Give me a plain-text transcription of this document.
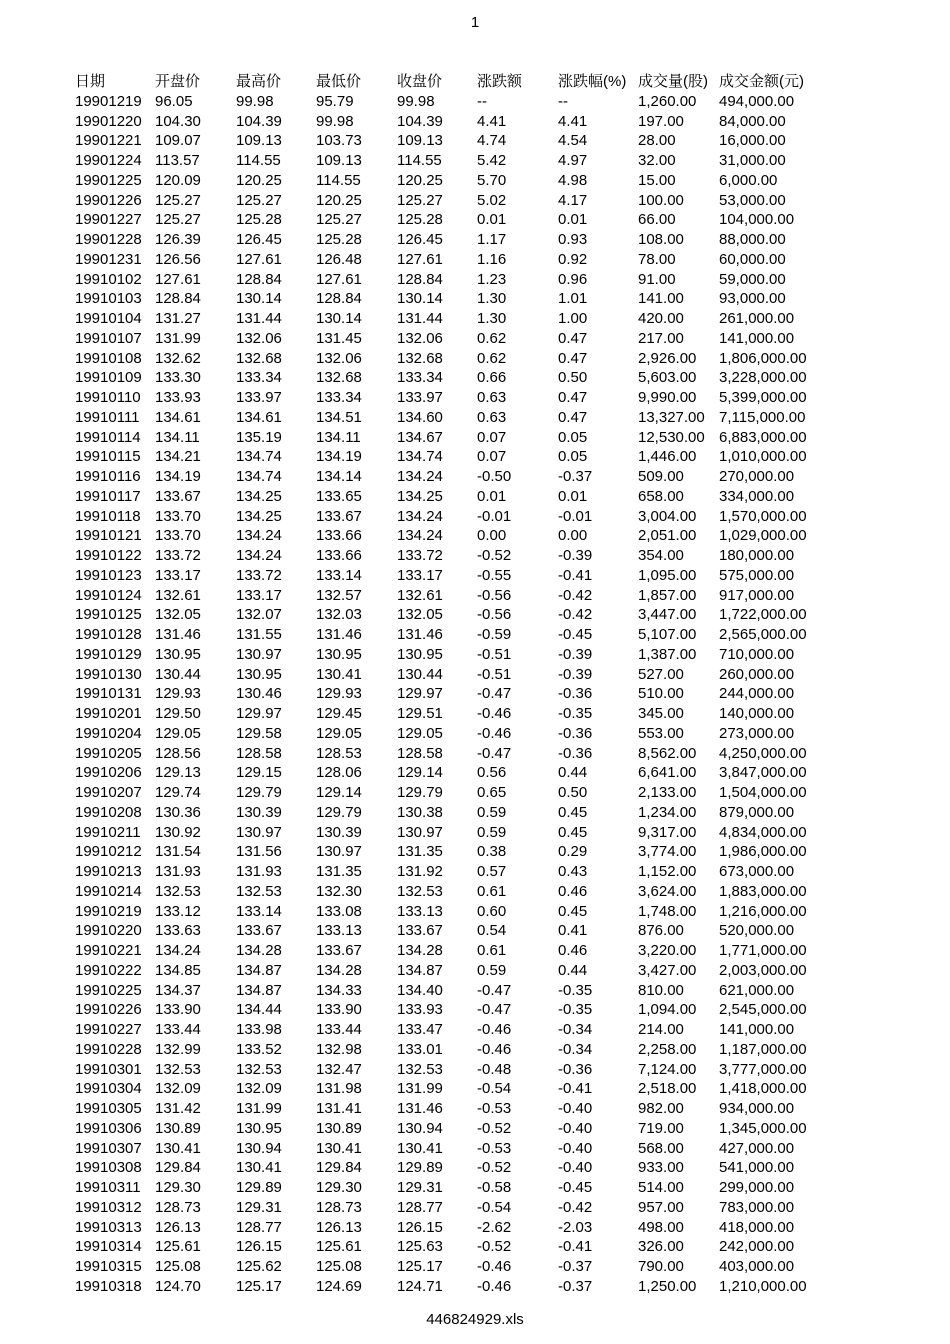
1
日期	开盘价	最高价	最低价	收盘价	涨跌额	涨跌幅(%)	成交量(股)	成交金额(元)
19901219	96.05	99.98	95.79	99.98	--	--	1,260.00	494,000.00
19901220	104.30	104.39	99.98	104.39	4.41	4.41	197.00	84,000.00
19901221	109.07	109.13	103.73	109.13	4.74	4.54	28.00	16,000.00
19901224	113.57	114.55	109.13	114.55	5.42	4.97	32.00	31,000.00
19901225	120.09	120.25	114.55	120.25	5.70	4.98	15.00	6,000.00
19901226	125.27	125.27	120.25	125.27	5.02	4.17	100.00	53,000.00
19901227	125.27	125.28	125.27	125.28	0.01	0.01	66.00	104,000.00
19901228	126.39	126.45	125.28	126.45	1.17	0.93	108.00	88,000.00
19901231	126.56	127.61	126.48	127.61	1.16	0.92	78.00	60,000.00
19910102	127.61	128.84	127.61	128.84	1.23	0.96	91.00	59,000.00
19910103	128.84	130.14	128.84	130.14	1.30	1.01	141.00	93,000.00
19910104	131.27	131.44	130.14	131.44	1.30	1.00	420.00	261,000.00
19910107	131.99	132.06	131.45	132.06	0.62	0.47	217.00	141,000.00
19910108	132.62	132.68	132.06	132.68	0.62	0.47	2,926.00	1,806,000.00
19910109	133.30	133.34	132.68	133.34	0.66	0.50	5,603.00	3,228,000.00
19910110	133.93	133.97	133.34	133.97	0.63	0.47	9,990.00	5,399,000.00
19910111	134.61	134.61	134.51	134.60	0.63	0.47	13,327.00	7,115,000.00
19910114	134.11	135.19	134.11	134.67	0.07	0.05	12,530.00	6,883,000.00
19910115	134.21	134.74	134.19	134.74	0.07	0.05	1,446.00	1,010,000.00
19910116	134.19	134.74	134.14	134.24	-0.50	-0.37	509.00	270,000.00
19910117	133.67	134.25	133.65	134.25	0.01	0.01	658.00	334,000.00
19910118	133.70	134.25	133.67	134.24	-0.01	-0.01	3,004.00	1,570,000.00
19910121	133.70	134.24	133.66	134.24	0.00	0.00	2,051.00	1,029,000.00
19910122	133.72	134.24	133.66	133.72	-0.52	-0.39	354.00	180,000.00
19910123	133.17	133.72	133.14	133.17	-0.55	-0.41	1,095.00	575,000.00
19910124	132.61	133.17	132.57	132.61	-0.56	-0.42	1,857.00	917,000.00
19910125	132.05	132.07	132.03	132.05	-0.56	-0.42	3,447.00	1,722,000.00
19910128	131.46	131.55	131.46	131.46	-0.59	-0.45	5,107.00	2,565,000.00
19910129	130.95	130.97	130.95	130.95	-0.51	-0.39	1,387.00	710,000.00
19910130	130.44	130.95	130.41	130.44	-0.51	-0.39	527.00	260,000.00
19910131	129.93	130.46	129.93	129.97	-0.47	-0.36	510.00	244,000.00
19910201	129.50	129.97	129.45	129.51	-0.46	-0.35	345.00	140,000.00
19910204	129.05	129.58	129.05	129.05	-0.46	-0.36	553.00	273,000.00
19910205	128.56	128.58	128.53	128.58	-0.47	-0.36	8,562.00	4,250,000.00
19910206	129.13	129.15	128.06	129.14	0.56	0.44	6,641.00	3,847,000.00
19910207	129.74	129.79	129.14	129.79	0.65	0.50	2,133.00	1,504,000.00
19910208	130.36	130.39	129.79	130.38	0.59	0.45	1,234.00	879,000.00
19910211	130.92	130.97	130.39	130.97	0.59	0.45	9,317.00	4,834,000.00
19910212	131.54	131.56	130.97	131.35	0.38	0.29	3,774.00	1,986,000.00
19910213	131.93	131.93	131.35	131.92	0.57	0.43	1,152.00	673,000.00
19910214	132.53	132.53	132.30	132.53	0.61	0.46	3,624.00	1,883,000.00
19910219	133.12	133.14	133.08	133.13	0.60	0.45	1,748.00	1,216,000.00
19910220	133.63	133.67	133.13	133.67	0.54	0.41	876.00	520,000.00
19910221	134.24	134.28	133.67	134.28	0.61	0.46	3,220.00	1,771,000.00
19910222	134.85	134.87	134.28	134.87	0.59	0.44	3,427.00	2,003,000.00
19910225	134.37	134.87	134.33	134.40	-0.47	-0.35	810.00	621,000.00
19910226	133.90	134.44	133.90	133.93	-0.47	-0.35	1,094.00	2,545,000.00
19910227	133.44	133.98	133.44	133.47	-0.46	-0.34	214.00	141,000.00
19910228	132.99	133.52	132.98	133.01	-0.46	-0.34	2,258.00	1,187,000.00
19910301	132.53	132.53	132.47	132.53	-0.48	-0.36	7,124.00	3,777,000.00
19910304	132.09	132.09	131.98	131.99	-0.54	-0.41	2,518.00	1,418,000.00
19910305	131.42	131.99	131.41	131.46	-0.53	-0.40	982.00	934,000.00
19910306	130.89	130.95	130.89	130.94	-0.52	-0.40	719.00	1,345,000.00
19910307	130.41	130.94	130.41	130.41	-0.53	-0.40	568.00	427,000.00
19910308	129.84	130.41	129.84	129.89	-0.52	-0.40	933.00	541,000.00
19910311	129.30	129.89	129.30	129.31	-0.58	-0.45	514.00	299,000.00
19910312	128.73	129.31	128.73	128.77	-0.54	-0.42	957.00	783,000.00
19910313	126.13	128.77	126.13	126.15	-2.62	-2.03	498.00	418,000.00
19910314	125.61	126.15	125.61	125.63	-0.52	-0.41	326.00	242,000.00
19910315	125.08	125.62	125.08	125.17	-0.46	-0.37	790.00	403,000.00
19910318	124.70	125.17	124.69	124.71	-0.46	-0.37	1,250.00	1,210,000.00
446824929.xls
